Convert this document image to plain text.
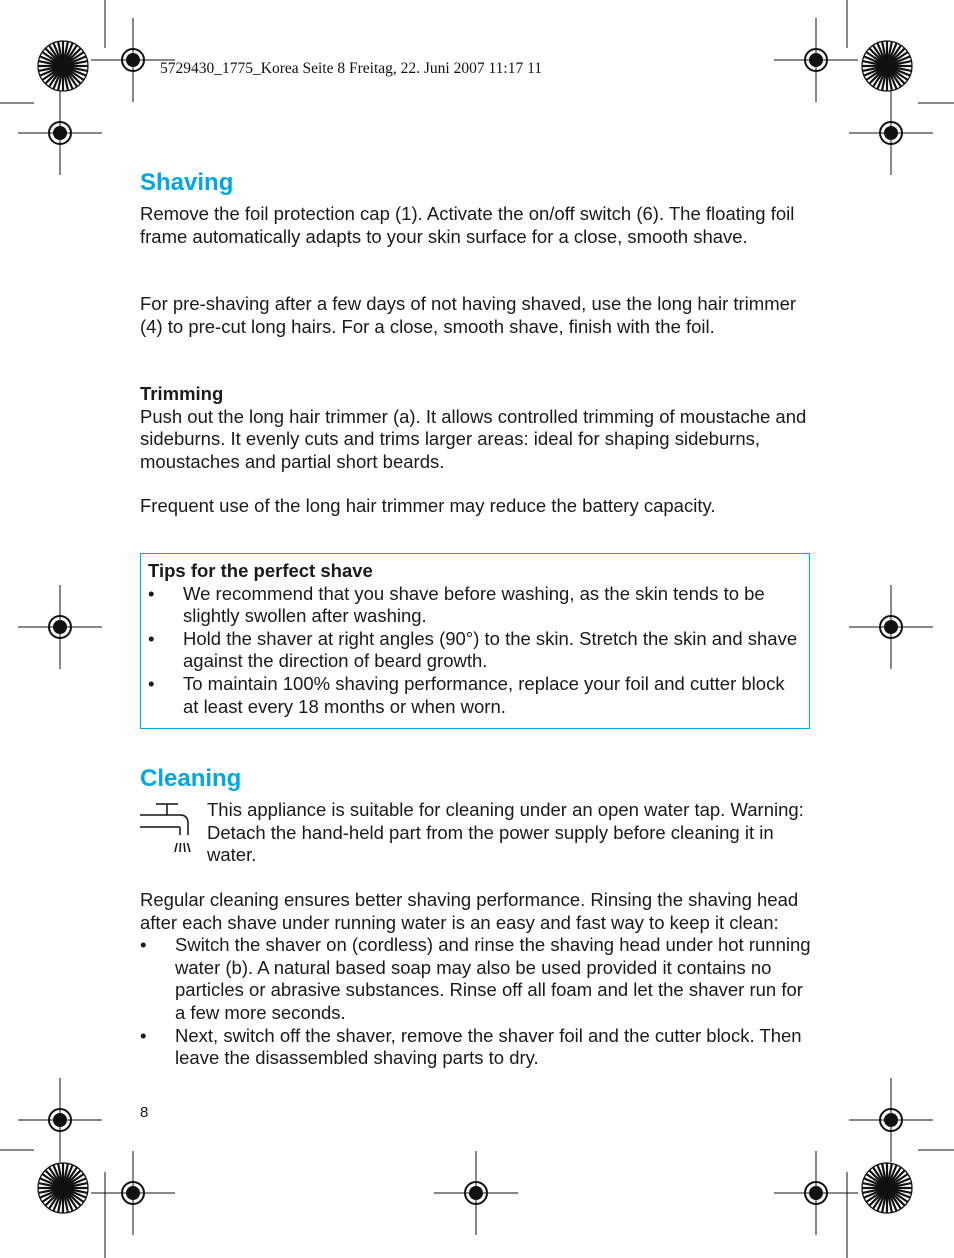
5729430_1775_Korea Seite 8 Freitag, 22. Juni 2007 11:17 11
Shaving

Remove the foil protection cap (1). Activate the on/off switch (6). The floating foil frame automatically adapts to your skin surface for a close, smooth shave.

For pre-shaving after a few days of not having shaved, use the long hair trimmer (4) to pre-cut long hairs. For a close, smooth shave, finish with the foil.

Trimming

Push out the long hair trimmer (a). It allows controlled trimming of moustache and sideburns. It evenly cuts and trims larger areas: ideal for shaping sideburns, moustaches and partial short beards.

Frequent use of the long hair trimmer may reduce the battery capacity.

Tips for the perfect shave

• We recommend that you shave before washing, as the skin tends to be slightly swollen after washing.
• Hold the shaver at right angles (90°) to the skin. Stretch the skin and shave against the direction of beard growth.
• To maintain 100% shaving performance, replace your foil and cutter block at least every 18 months or when worn.
Cleaning

This appliance is suitable for cleaning under an open water tap. Warning: Detach the hand-held part from the power supply before cleaning it in water.

Regular cleaning ensures better shaving performance. Rinsing the shaving head after each shave under running water is an easy and fast way to keep it clean:

• Switch the shaver on (cordless) and rinse the shaving head under hot running water (b). A natural based soap may also be used provided it contains no particles or abrasive substances. Rinse off all foam and let the shaver run for a few more seconds.
• Next, switch off the shaver, remove the shaver foil and the cutter block. Then leave the disassembled shaving parts to dry.
8
